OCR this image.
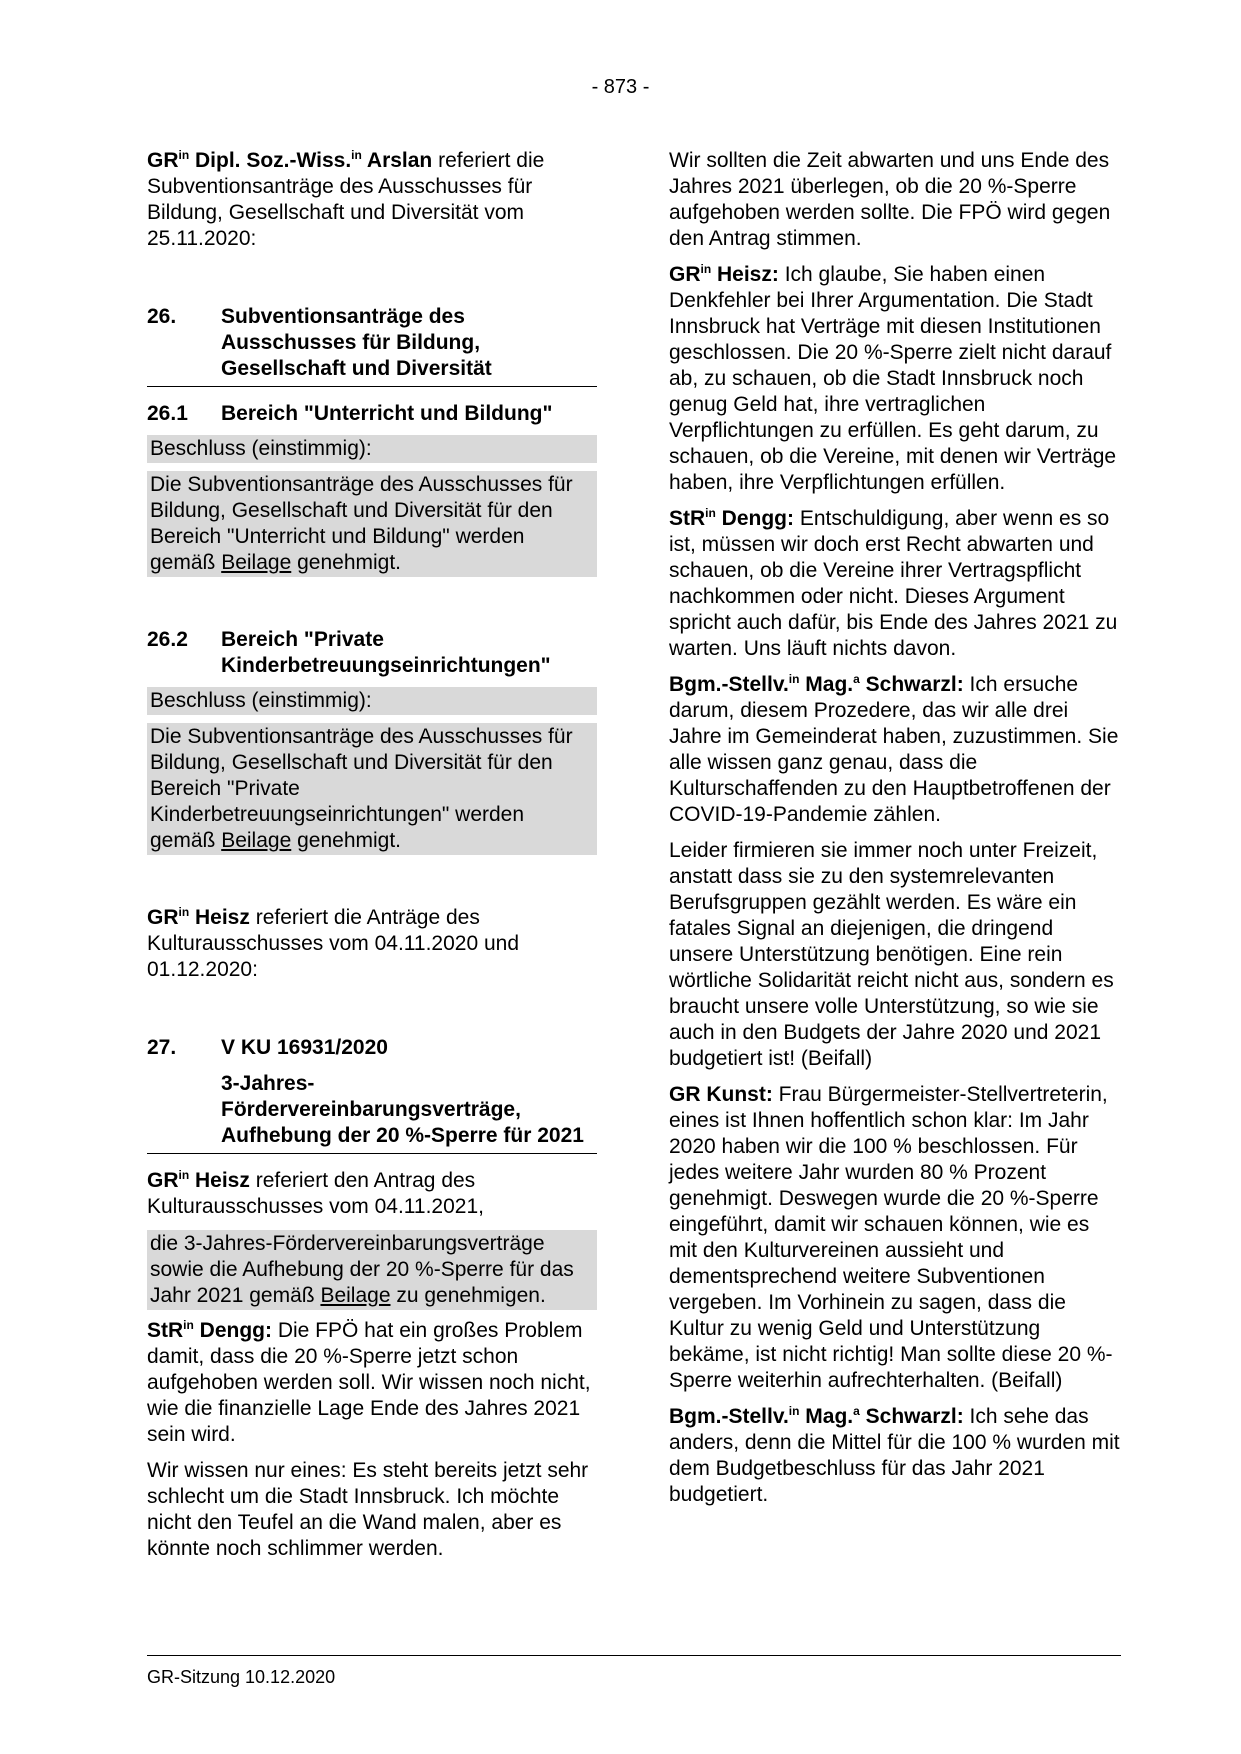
- 873 -

$GR^{in}$ Dipl. Soz.-Wiss.$^{in}$ Arslan referiert die Subventionsanträge des Ausschusses für Bildung, Gesellschaft und Diversität vom 25.11.2020:

26.	Subventionsanträge des Ausschusses für Bildung, Gesellschaft und Diversität
26.1	Bereich "Unterricht und Bildung"
Beschluss (einstimmig):
Die Subventionsanträge des Ausschusses für Bildung, Gesellschaft und Diversität für den Bereich "Unterricht und Bildung" werden gemäß Beilage genehmigt.
26.2	Bereich "Private Kinderbetreuungseinrichtungen"
Beschluss (einstimmig):
Die Subventionsanträge des Ausschusses für Bildung, Gesellschaft und Diversität für den Bereich "Private Kinderbetreuungseinrichtungen" werden gemäß Beilage genehmigt.

$GR^{in}$ Heisz referiert die Anträge des Kulturausschusses vom 04.11.2020 und 01.12.2020:

27.	V KU 16931/2020
3-Jahres-Fördervereinbarungsverträge, Aufhebung der 20 %-Sperre für 2021

$GR^{in}$ Heisz referiert den Antrag des Kulturausschusses vom 04.11.2021,

die 3-Jahres-Fördervereinbarungsverträge sowie die Aufhebung der 20 %-Sperre für das Jahr 2021 gemäß Beilage zu genehmigen.

StR$^{in}$ Dengg: Die FPÖ hat ein großes Problem damit, dass die 20 %-Sperre jetzt schon aufgehoben werden soll. Wir wissen noch nicht, wie die finanzielle Lage Ende des Jahres 2021 sein wird.

Wir wissen nur eines: Es steht bereits jetzt sehr schlecht um die Stadt Innsbruck. Ich möchte nicht den Teufel an die Wand malen, aber es könnte noch schlimmer werden.

Wir sollten die Zeit abwarten und uns Ende des Jahres 2021 überlegen, ob die 20 %-Sperre aufgehoben werden sollte. Die FPÖ wird gegen den Antrag stimmen.

$GR^{in}$ Heisz: Ich glaube, Sie haben einen Denkfehler bei Ihrer Argumentation. Die Stadt Innsbruck hat Verträge mit diesen Institutionen geschlossen. Die 20 %-Sperre zielt nicht darauf ab, zu schauen, ob die Stadt Innsbruck noch genug Geld hat, ihre vertraglichen Verpflichtungen zu erfüllen. Es geht darum, zu schauen, ob die Vereine, mit denen wir Verträge haben, ihre Verpflichtungen erfüllen.

StR$^{in}$ Dengg: Entschuldigung, aber wenn es so ist, müssen wir doch erst Recht abwarten und schauen, ob die Vereine ihrer Vertragspflicht nachkommen oder nicht. Dieses Argument spricht auch dafür, bis Ende des Jahres 2021 zu warten. Uns läuft nichts davon.

Bgm.-Stellv.$^{in}$ Mag.$^a$ Schwarzl: Ich ersuche darum, diesem Prozedere, das wir alle drei Jahre im Gemeinderat haben, zuzustimmen. Sie alle wissen ganz genau, dass die Kulturschaffenden zu den Hauptbetroffenen der COVID-19-Pandemie zählen.

Leider firmieren sie immer noch unter Freizeit, anstatt dass sie zu den systemrelevanten Berufsgruppen gezählt werden. Es wäre ein fatales Signal an diejenigen, die dringend unsere Unterstützung benötigen. Eine rein wörtliche Solidarität reicht nicht aus, sondern es braucht unsere volle Unterstützung, so wie sie auch in den Budgets der Jahre 2020 und 2021 budgetiert ist! (Beifall)

GR Kunst: Frau Bürgermeister-Stellvertreterin, eines ist Ihnen hoffentlich schon klar: Im Jahr 2020 haben wir die 100 % beschlossen. Für jedes weitere Jahr wurden 80 % Prozent genehmigt. Deswegen wurde die 20 %-Sperre eingeführt, damit wir schauen können, wie es mit den Kulturvereinen aussieht und dementsprechend weitere Subventionen vergeben. Im Vorhinein zu sagen, dass die Kultur zu wenig Geld und Unterstützung bekäme, ist nicht richtig! Man sollte diese 20 %-Sperre weiterhin aufrechterhalten. (Beifall)

Bgm.-Stellv.$^{in}$ Mag.$^a$ Schwarzl: Ich sehe das anders, denn die Mittel für die 100 % wurden mit dem Budgetbeschluss für das Jahr 2021 budgetiert.

GR-Sitzung 10.12.2020
